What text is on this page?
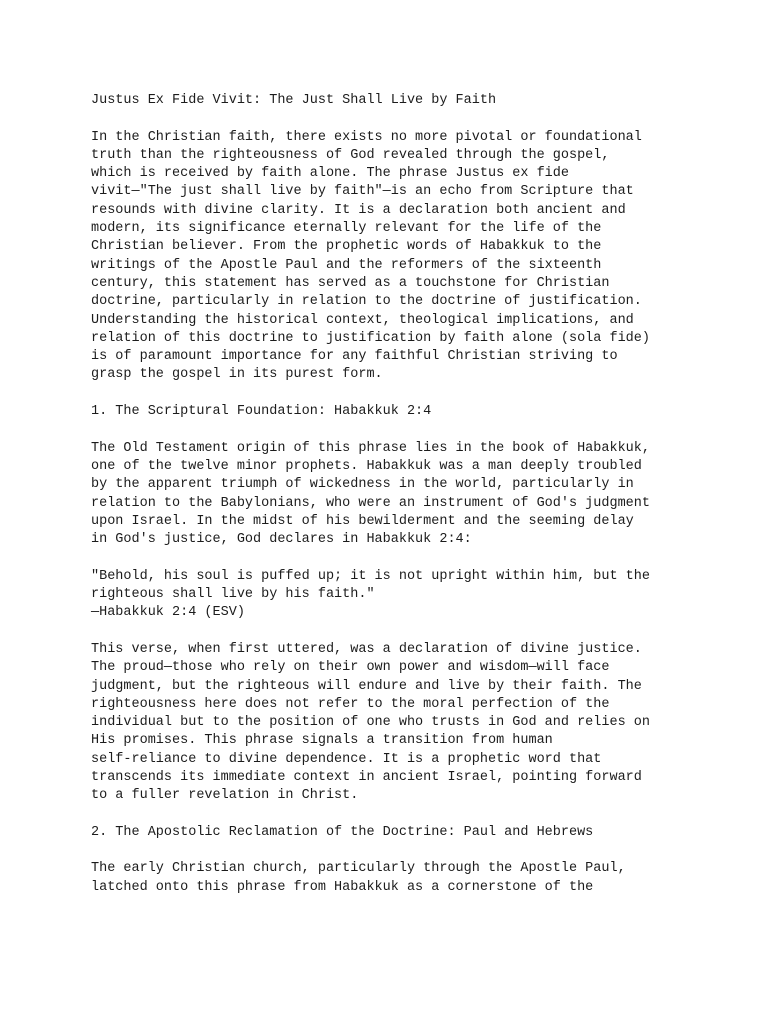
Justus Ex Fide Vivit: The Just Shall Live by Faith

In the Christian faith, there exists no more pivotal or foundational
truth than the righteousness of God revealed through the gospel,
which is received by faith alone. The phrase Justus ex fide
vivit—"The just shall live by faith"—is an echo from Scripture that
resounds with divine clarity. It is a declaration both ancient and
modern, its significance eternally relevant for the life of the
Christian believer. From the prophetic words of Habakkuk to the
writings of the Apostle Paul and the reformers of the sixteenth
century, this statement has served as a touchstone for Christian
doctrine, particularly in relation to the doctrine of justification.
Understanding the historical context, theological implications, and
relation of this doctrine to justification by faith alone (sola fide)
is of paramount importance for any faithful Christian striving to
grasp the gospel in its purest form.

1. The Scriptural Foundation: Habakkuk 2:4

The Old Testament origin of this phrase lies in the book of Habakkuk,
one of the twelve minor prophets. Habakkuk was a man deeply troubled
by the apparent triumph of wickedness in the world, particularly in
relation to the Babylonians, who were an instrument of God's judgment
upon Israel. In the midst of his bewilderment and the seeming delay
in God's justice, God declares in Habakkuk 2:4:

"Behold, his soul is puffed up; it is not upright within him, but the
righteous shall live by his faith."
—Habakkuk 2:4 (ESV)

This verse, when first uttered, was a declaration of divine justice.
The proud—those who rely on their own power and wisdom—will face
judgment, but the righteous will endure and live by their faith. The
righteousness here does not refer to the moral perfection of the
individual but to the position of one who trusts in God and relies on
His promises. This phrase signals a transition from human
self-reliance to divine dependence. It is a prophetic word that
transcends its immediate context in ancient Israel, pointing forward
to a fuller revelation in Christ.

2. The Apostolic Reclamation of the Doctrine: Paul and Hebrews

The early Christian church, particularly through the Apostle Paul,
latched onto this phrase from Habakkuk as a cornerstone of the
